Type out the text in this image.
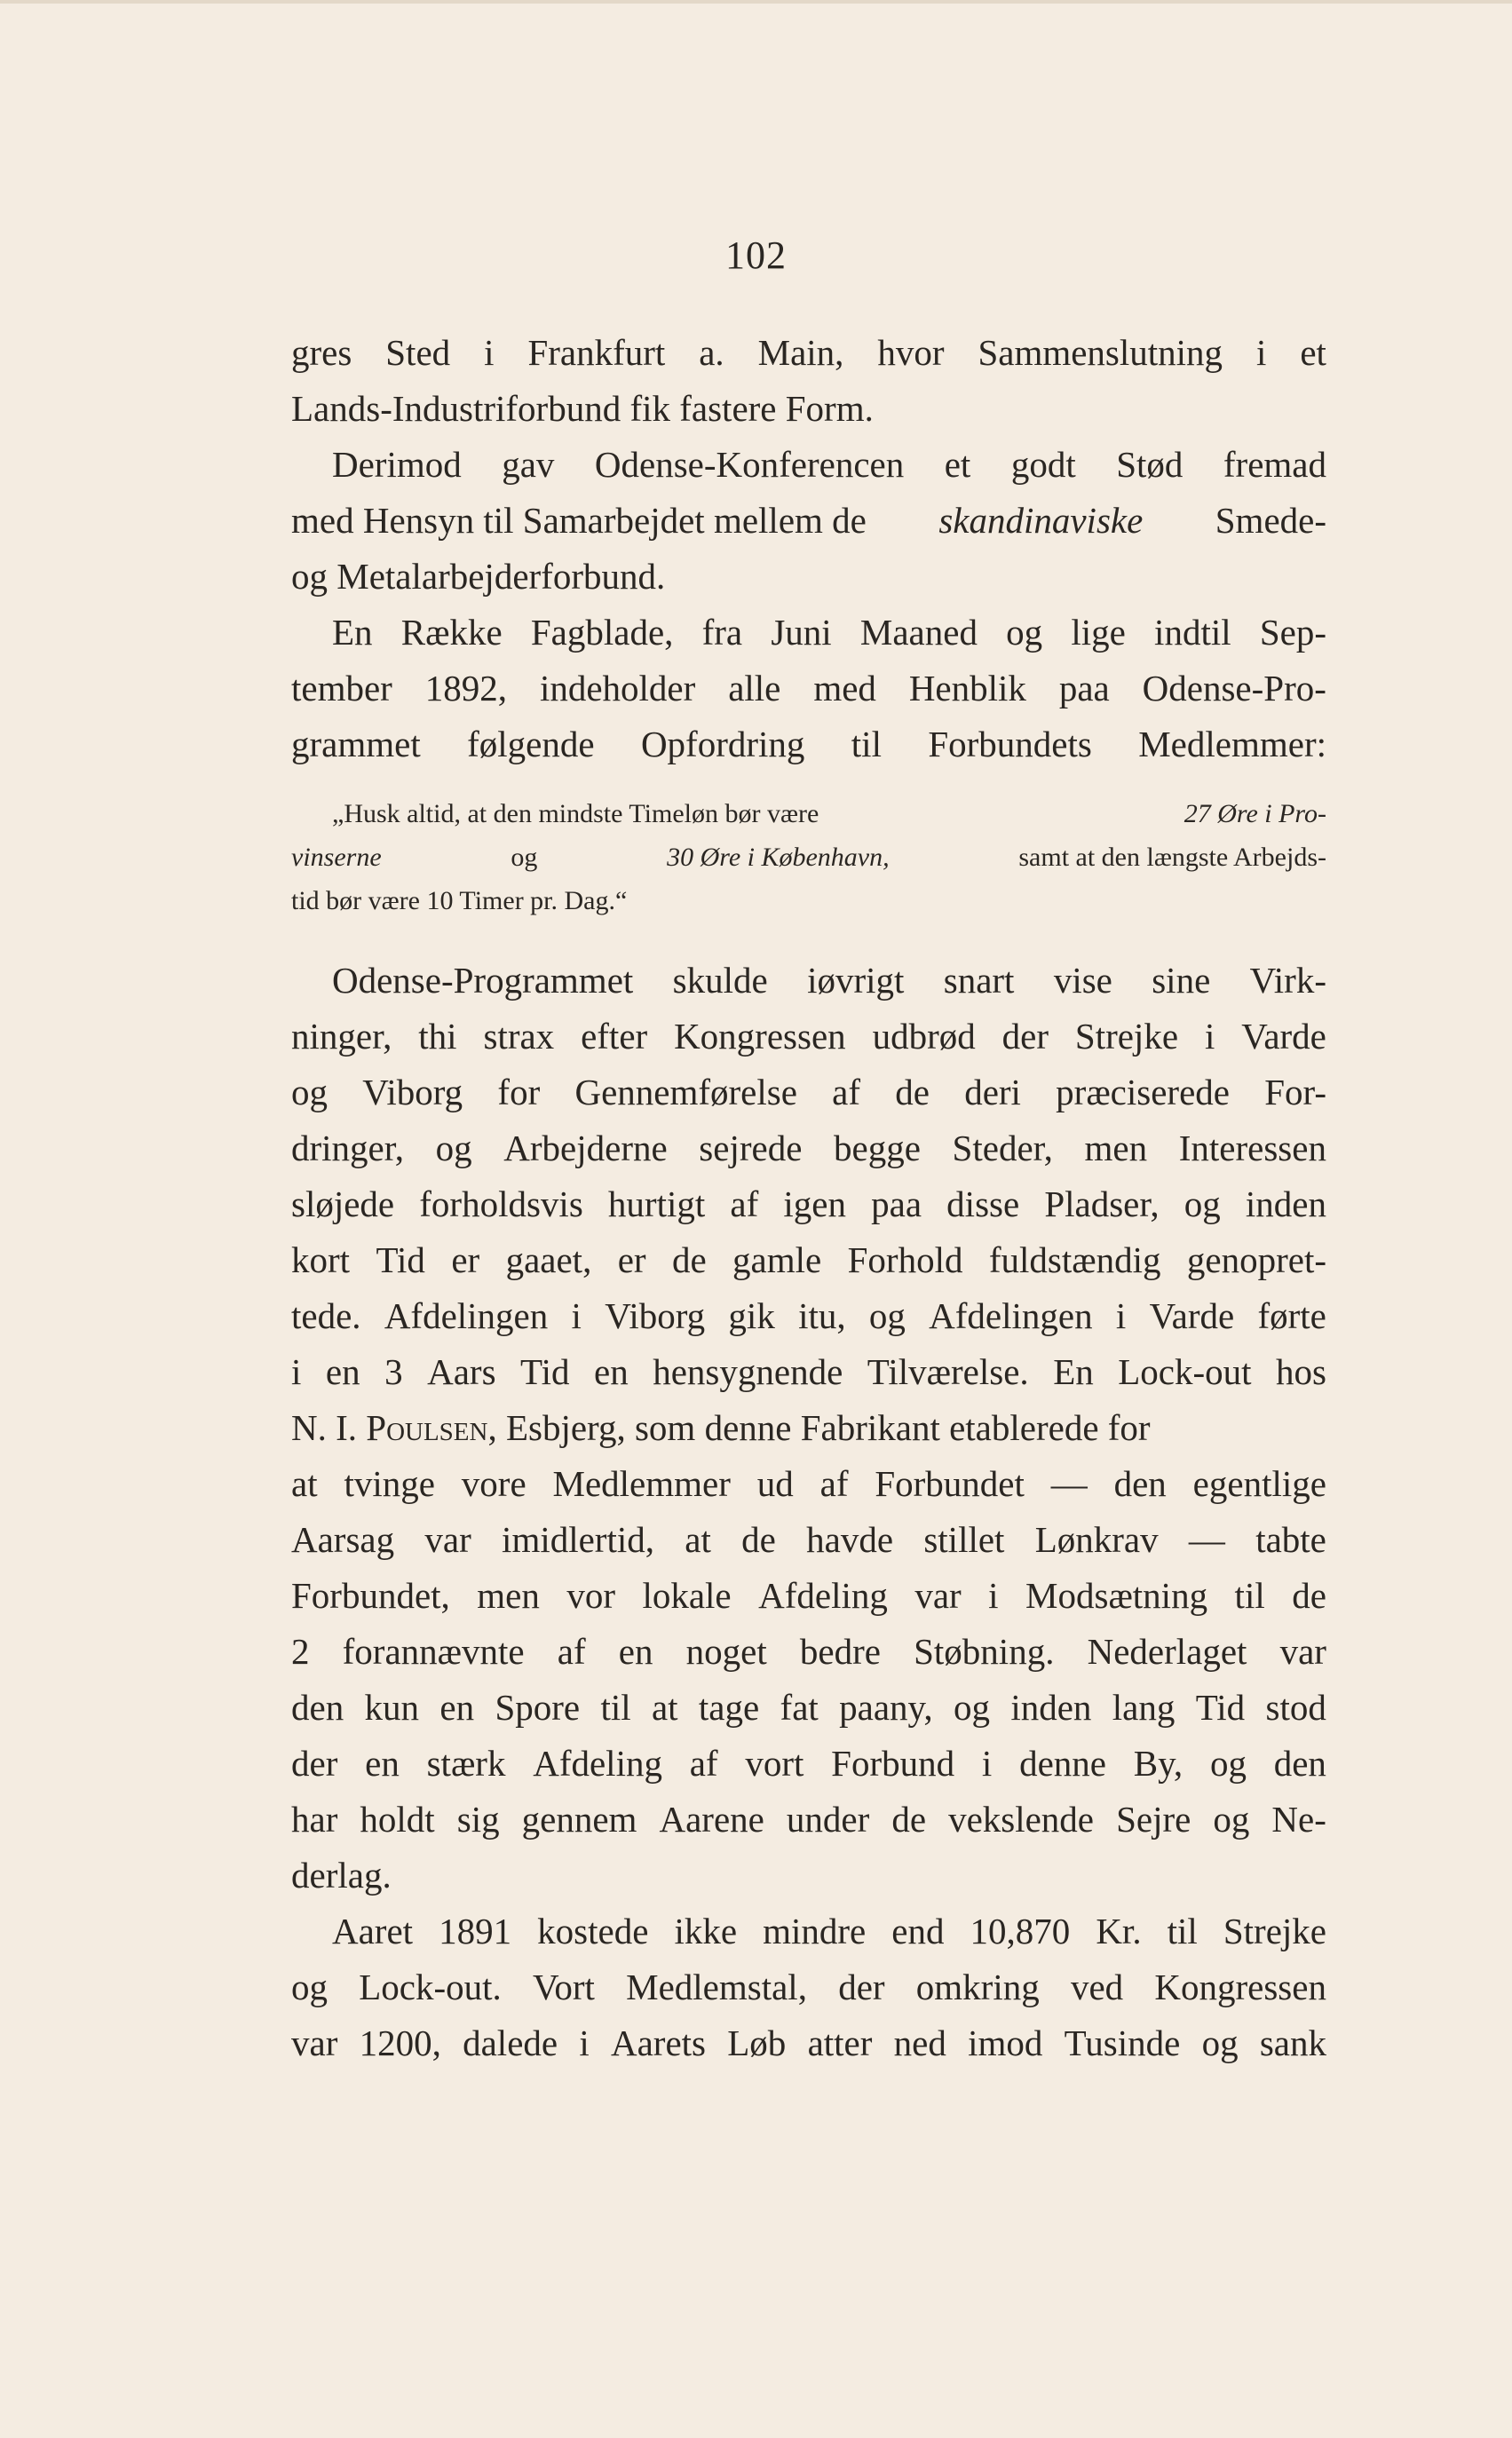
102
gres Sted i Frankfurt a. Main, hvor Sammenslutning i et
Lands-Industriforbund fik fastere Form.
Derimod gav Odense-Konferencen et godt Stød fremad
med Hensyn til Samarbejdet mellem de skandinaviske Smede-
og Metalarbejderforbund.
En Række Fagblade, fra Juni Maaned og lige indtil Sep-
tember 1892, indeholder alle med Henblik paa Odense-Pro-
grammet følgende Opfordring til Forbundets Medlemmer:
„Husk altid, at den mindste Timeløn bør være	27 Øre i Pro-
vinserne	og	30 Øre i København,	samt at den længste Arbejds-
tid bør være 10 Timer pr. Dag.“
Odense-Programmet skulde iøvrigt snart vise sine Virk-
ninger, thi strax efter Kongressen udbrød der Strejke i Varde
og Viborg for Gennemførelse af de deri præciserede For-
dringer, og Arbejderne sejrede begge Steder, men Interessen
sløjede forholdsvis hurtigt af igen paa disse Pladser, og inden
kort Tid er gaaet, er de gamle Forhold fuldstændig genopret-
tede. Afdelingen i Viborg gik itu, og Afdelingen i Varde førte
i en 3 Aars Tid en hensygnende Tilværelse. En Lock-out hos
N. I. Poulsen, Esbjerg, som denne Fabrikant etablerede for
at tvinge vore Medlemmer ud af Forbundet — den egentlige
Aarsag var imidlertid, at de havde stillet Lønkrav — tabte
Forbundet, men vor lokale Afdeling var i Modsætning til de
2 forannævnte af en noget bedre Støbning. Nederlaget var
den kun en Spore til at tage fat paany, og inden lang Tid stod
der en stærk Afdeling af vort Forbund i denne By, og den
har holdt sig gennem Aarene under de vekslende Sejre og Ne-
derlag.
Aaret 1891 kostede ikke mindre end 10,870 Kr. til Strejke
og Lock-out. Vort Medlemstal, der omkring ved Kongressen
var 1200, dalede i Aarets Løb atter ned imod Tusinde og sank
